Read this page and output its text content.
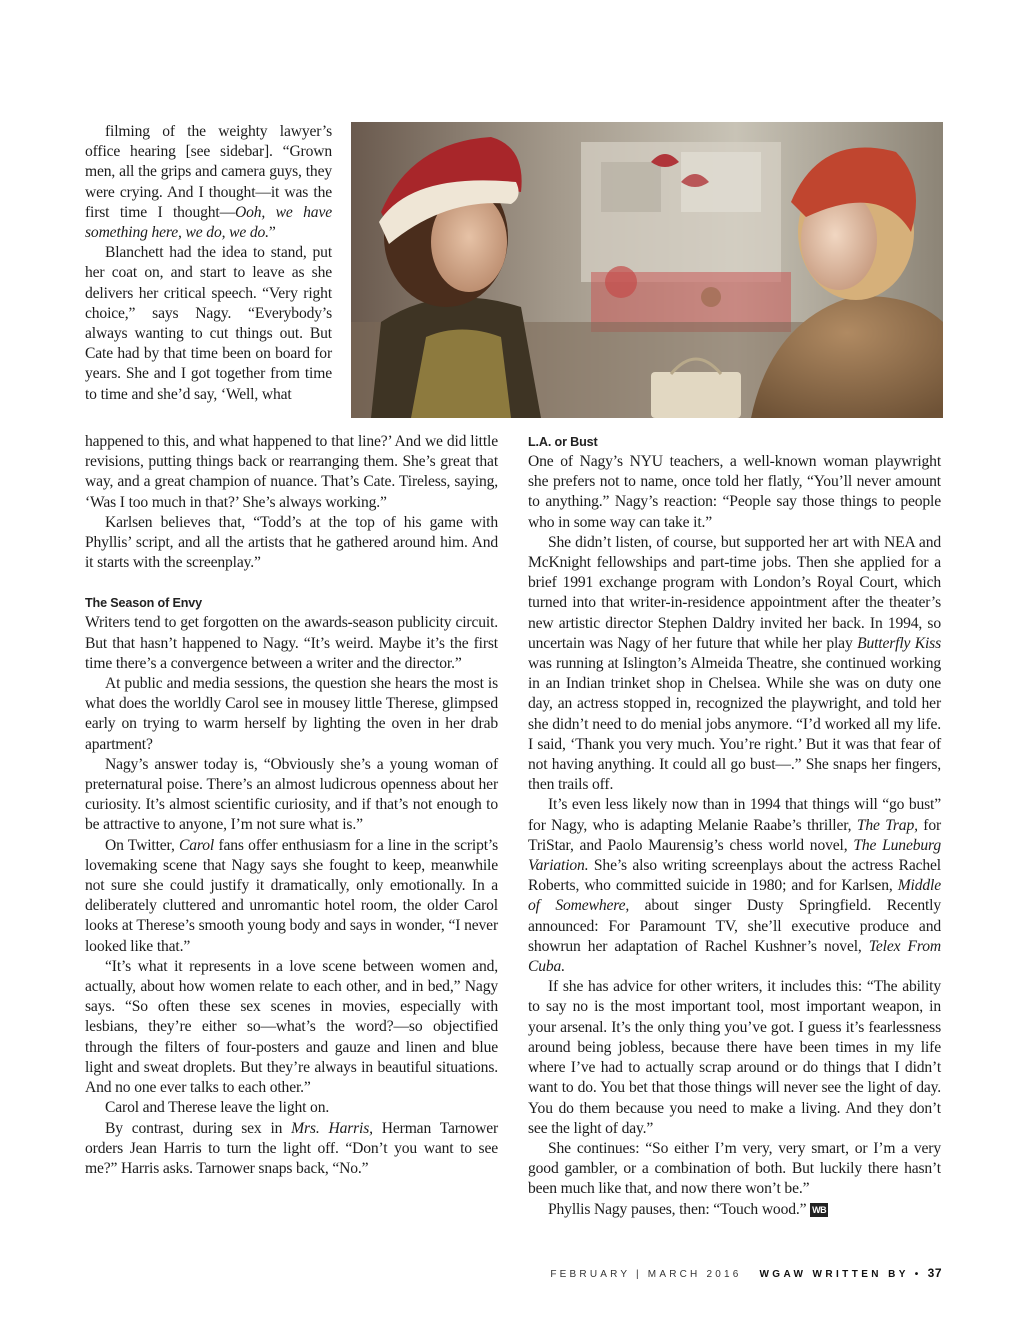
filming of the weighty lawyer’s office hearing [see sidebar]. “Grown men, all the grips and camera guys, they were crying. And I thought—it was the first time I thought—Ooh, we have something here, we do, we do.”

Blanchett had the idea to stand, put her coat on, and start to leave as she delivers her critical speech. “Very right choice,” says Nagy. “Everybody’s always wanting to cut things out. But Cate had by that time been on board for years. She and I got together from time to time and she’d say, ‘Well, what

happened to this, and what happened to that line?’ And we did little revisions, putting things back or rearranging them. She’s great that way, and a great champion of nuance. That’s Cate. Tireless, saying, ‘Was I too much in that?’ She’s always working.”

Karlsen believes that, “Todd’s at the top of his game with Phyllis’ script, and all the artists that he gathered around him. And it starts with the screenplay.”

The Season of Envy

Writers tend to get forgotten on the awards-season publicity circuit. But that hasn’t happened to Nagy. “It’s weird. Maybe it’s the first time there’s a convergence between a writer and the director.”

At public and media sessions, the question she hears the most is what does the worldly Carol see in mousey little Therese, glimpsed early on trying to warm herself by lighting the oven in her drab apartment?

Nagy’s answer today is, “Obviously she’s a young woman of preternatural poise. There’s an almost ludicrous openness about her curiosity. It’s almost scientific curiosity, and if that’s not enough to be attractive to anyone, I’m not sure what is.”

On Twitter, Carol fans offer enthusiasm for a line in the script’s lovemaking scene that Nagy says she fought to keep, meanwhile not sure she could justify it dramatically, only emotionally. In a deliberately cluttered and unromantic hotel room, the older Carol looks at Therese’s smooth young body and says in wonder, “I never looked like that.”

“It’s what it represents in a love scene between women and, actually, about how women relate to each other, and in bed,” Nagy says. “So often these sex scenes in movies, especially with lesbians, they’re either so—what’s the word?—so objectified through the filters of four-posters and gauze and linen and blue light and sweat droplets. But they’re always in beautiful situations. And no one ever talks to each other.”

Carol and Therese leave the light on.

By contrast, during sex in Mrs. Harris, Herman Tarnower orders Jean Harris to turn the light off. “Don’t you want to see me?” Harris asks. Tarnower snaps back, “No.”

L.A. or Bust

One of Nagy’s NYU teachers, a well-known woman playwright she prefers not to name, once told her flatly, “You’ll never amount to anything.” Nagy’s reaction: “People say those things to people who in some way can take it.”

She didn’t listen, of course, but supported her art with NEA and McKnight fellowships and part-time jobs. Then she applied for a brief 1991 exchange program with London’s Royal Court, which turned into that writer-in-residence appointment after the theater’s new artistic director Stephen Daldry invited her back. In 1994, so uncertain was Nagy of her future that while her play Butterfly Kiss was running at Islington’s Almeida Theatre, she continued working in an Indian trinket shop in Chelsea. While she was on duty one day, an actress stopped in, recognized the playwright, and told her she didn’t need to do menial jobs anymore. “I’d worked all my life. I said, ‘Thank you very much. You’re right.’ But it was that fear of not having anything. It could all go bust—.” She snaps her fingers, then trails off.

It’s even less likely now than in 1994 that things will “go bust” for Nagy, who is adapting Melanie Raabe’s thriller, The Trap, for TriStar, and Paolo Maurensig’s chess world novel, The Luneburg Variation. She’s also writing screenplays about the actress Rachel Roberts, who committed suicide in 1980; and for Karlsen, Middle of Somewhere, about singer Dusty Springfield. Recently announced: For Paramount TV, she’ll executive produce and showrun her adaptation of Rachel Kushner’s novel, Telex From Cuba.

If she has advice for other writers, it includes this: “The ability to say no is the most important tool, most important weapon, in your arsenal. It’s the only thing you’ve got. I guess it’s fearlessness around being jobless, because there have been times in my life where I’ve had to actually scrap around or do things that I didn’t want to do. You bet that those things will never see the light of day. You do them because you need to make a living. And they don’t see the light of day.”

She continues: “So either I’m very, very smart, or I’m a very good gambler, or a combination of both. But luckily there hasn’t been much like that, and now there won’t be.”

Phyllis Nagy pauses, then: “Touch wood.” WB

FEBRUARY | MARCH 2016 WGAW WRITTEN BY • 37
